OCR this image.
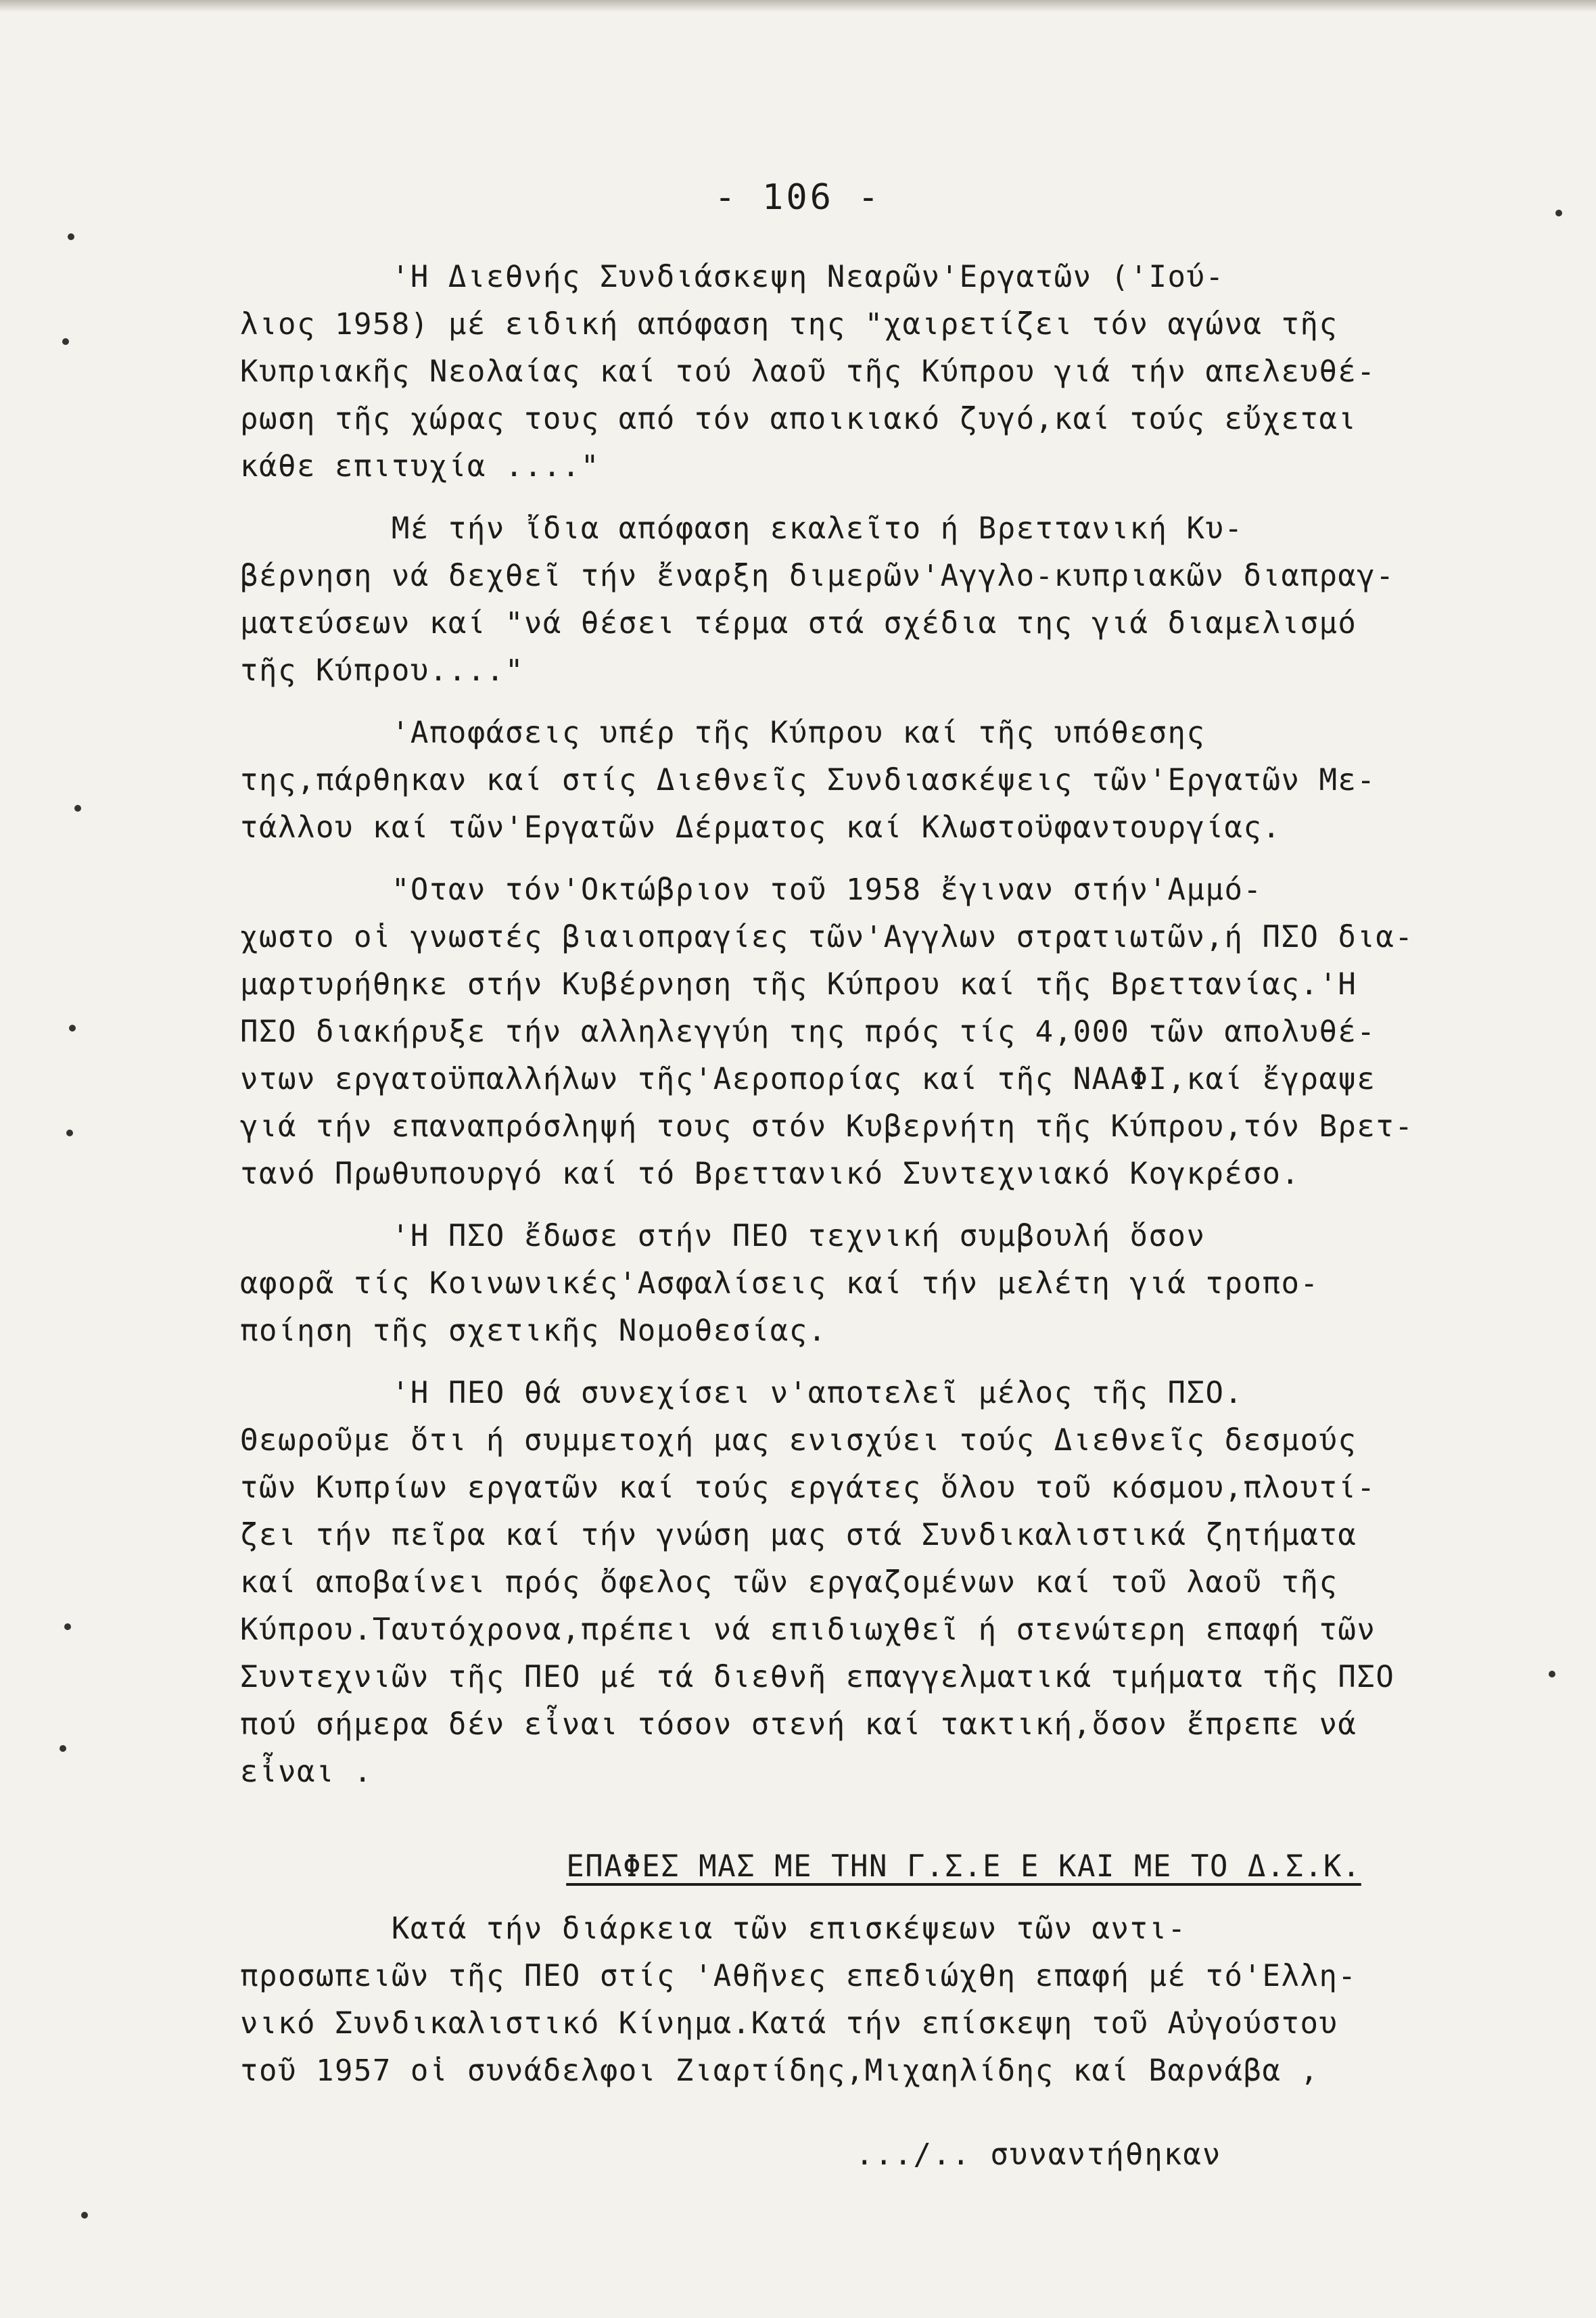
- 106 -
'Η Διεθνής Συνδιάσκεψη Νεαρῶν'Εργατῶν ('Ιού-
λιος 1958) μέ ειδική απόφαση της "χαιρετίζει τόν αγώνα τῆς
Κυπριακῆς Νεολαίας καί τού λαοῦ τῆς Κύπρου γιά τήν απελευθέ-
ρωση τῆς χώρας τους από τόν αποικιακό ζυγό,καί τούς εὔχεται
κάθε επιτυχία ...."
Μέ τήν ἴδια απόφαση εκαλεῖτο ή Βρεττανική Κυ-
βέρνηση νά δεχθεῖ τήν ἔναρξη διμερῶν'Αγγλο-κυπριακῶν διαπραγ-
ματεύσεων καί "νά θέσει τέρμα στά σχέδια της γιά διαμελισμό
τῆς Κύπρου...."
'Αποφάσεις υπέρ τῆς Κύπρου καί τῆς υπόθεσης
της,πάρθηκαν καί στίς Διεθνεῖς Συνδιασκέψεις τῶν'Εργατῶν Με-
τάλλου καί τῶν'Εργατῶν Δέρματος καί Κλωστοϋφαντουργίας.
"Οταν τόν'Οκτώβριον τοῦ 1958 ἔγιναν στήν'Αμμό-
χωστο οἱ γνωστές βιαιοπραγίες τῶν'Αγγλων στρατιωτῶν,ή ΠΣΟ δια-
μαρτυρήθηκε στήν Κυβέρνηση τῆς Κύπρου καί τῆς Βρεττανίας.'Η
ΠΣΟ διακήρυξε τήν αλληλεγγύη της πρός τίς 4,000 τῶν απολυθέ-
ντων εργατοϋπαλλήλων τῆς'Αεροπορίας καί τῆς ΝΑΑΦΙ,καί ἔγραψε
γιά τήν επαναπρόσληψή τους στόν Κυβερνήτη τῆς Κύπρου,τόν Βρετ-
τανό Πρωθυπουργό καί τό Βρεττανικό Συντεχνιακό Κογκρέσο.
'Η ΠΣΟ ἔδωσε στήν ΠΕΟ τεχνική συμβουλή ὅσον
αφορᾶ τίς Κοινωνικές'Ασφαλίσεις καί τήν μελέτη γιά τροπο-
ποίηση τῆς σχετικῆς Νομοθεσίας.
'Η ΠΕΟ θά συνεχίσει ν'αποτελεῖ μέλος τῆς ΠΣΟ.
Θεωροῦμε ὅτι ή συμμετοχή μας ενισχύει τούς Διεθνεῖς δεσμούς
τῶν Κυπρίων εργατῶν καί τούς εργάτες ὅλου τοῦ κόσμου,πλουτί-
ζει τήν πεῖρα καί τήν γνώση μας στά Συνδικαλιστικά ζητήματα
καί αποβαίνει πρός ὄφελος τῶν εργαζομένων καί τοῦ λαοῦ τῆς
Κύπρου.Ταυτόχρονα,πρέπει νά επιδιωχθεῖ ή στενώτερη επαφή τῶν
Συντεχνιῶν τῆς ΠΕΟ μέ τά διεθνῆ επαγγελματικά τμήματα τῆς ΠΣΟ
πού σήμερα δέν εἶναι τόσον στενή καί τακτική,ὅσον ἔπρεπε νά
εἶναι .
ΕΠΑΦΕΣ ΜΑΣ ΜΕ ΤΗΝ Γ.Σ.Ε Ε ΚΑΙ ΜΕ ΤΟ Δ.Σ.Κ.
Κατά τήν διάρκεια τῶν επισκέψεων τῶν αντι-
προσωπειῶν τῆς ΠΕΟ στίς 'Αθῆνες επεδιώχθη επαφή μέ τό'Ελλη-
νικό Συνδικαλιστικό Κίνημα.Κατά τήν επίσκεψη τοῦ Αὐγούστου
τοῦ 1957 οἱ συνάδελφοι Ζιαρτίδης,Μιχαηλίδης καί Βαρνάβα ,
.../.. συναντήθηκαν
